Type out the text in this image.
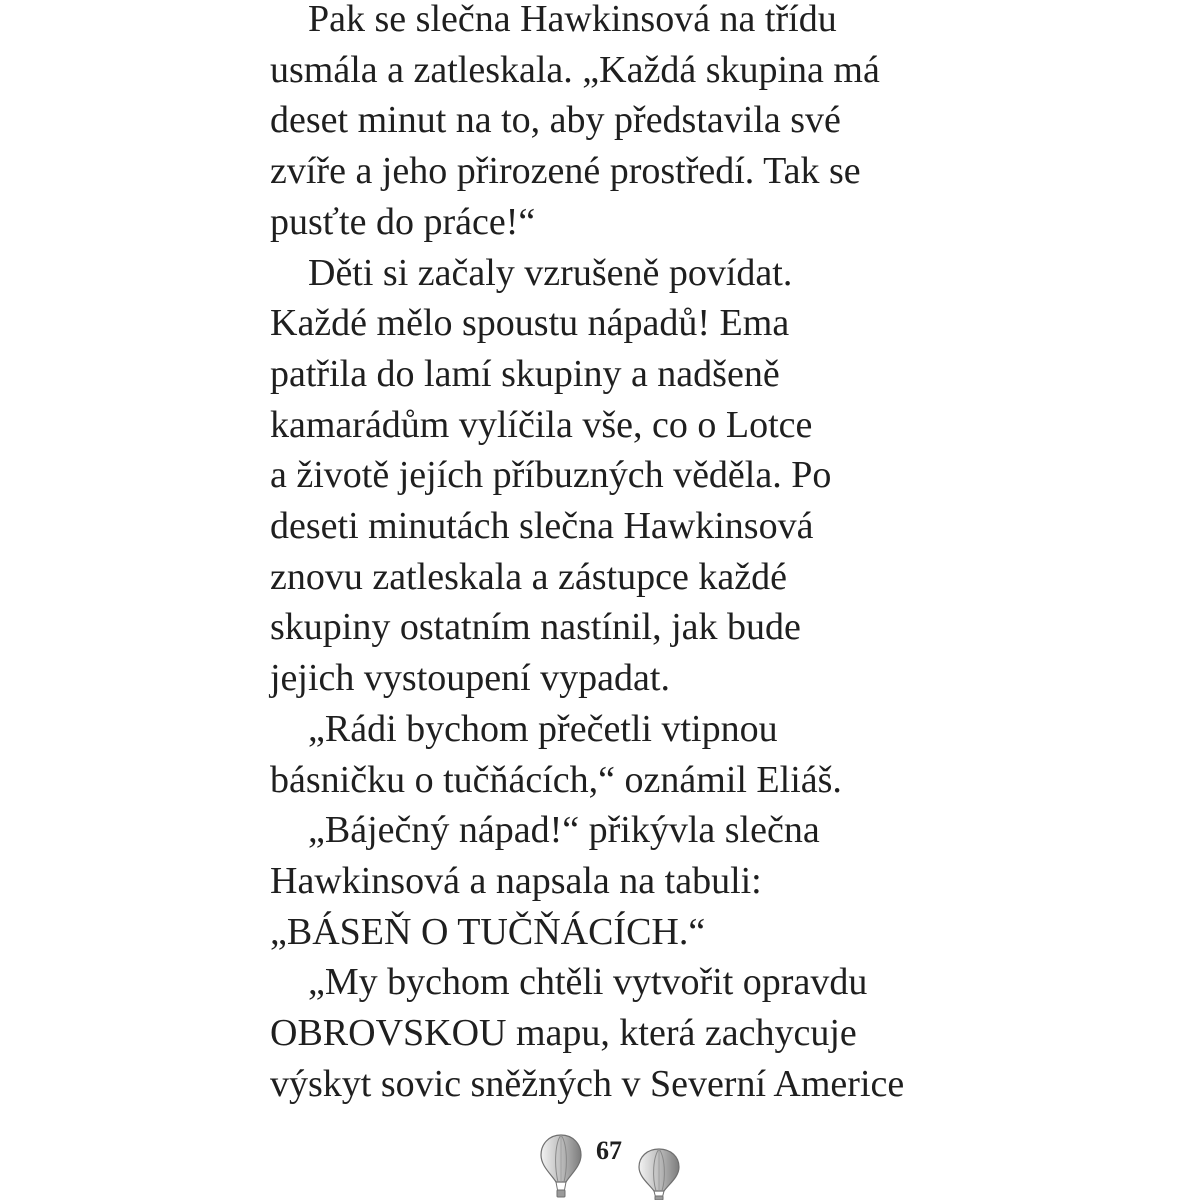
Pak se slečna Hawkinsová na třídu
usmála a zatleskala. „Každá skupina má
deset minut na to, aby představila své
zvíře a jeho přirozené prostředí. Tak se
pusťte do práce!“
Děti si začaly vzrušeně povídat.
Každé mělo spoustu nápadů! Ema
patřila do lamí skupiny a nadšeně
kamarádům vylíčila vše, co o Lotce
a životě jejích příbuzných věděla. Po
deseti minutách slečna Hawkinsová
znovu zatleskala a zástupce každé
skupiny ostatním nastínil, jak bude
jejich vystoupení vypadat.
„Rádi bychom přečetli vtipnou
básničku o tučňácích,“ oznámil Eliáš.
„Báječný nápad!“ přikývla slečna
Hawkinsová a napsala na tabuli:
„BÁSEŇ O TUČŇÁCÍCH.“
„My bychom chtěli vytvořit opravdu
OBROVSKOU mapu, která zachycuje
výskyt sovic sněžných v Severní Americe
67
